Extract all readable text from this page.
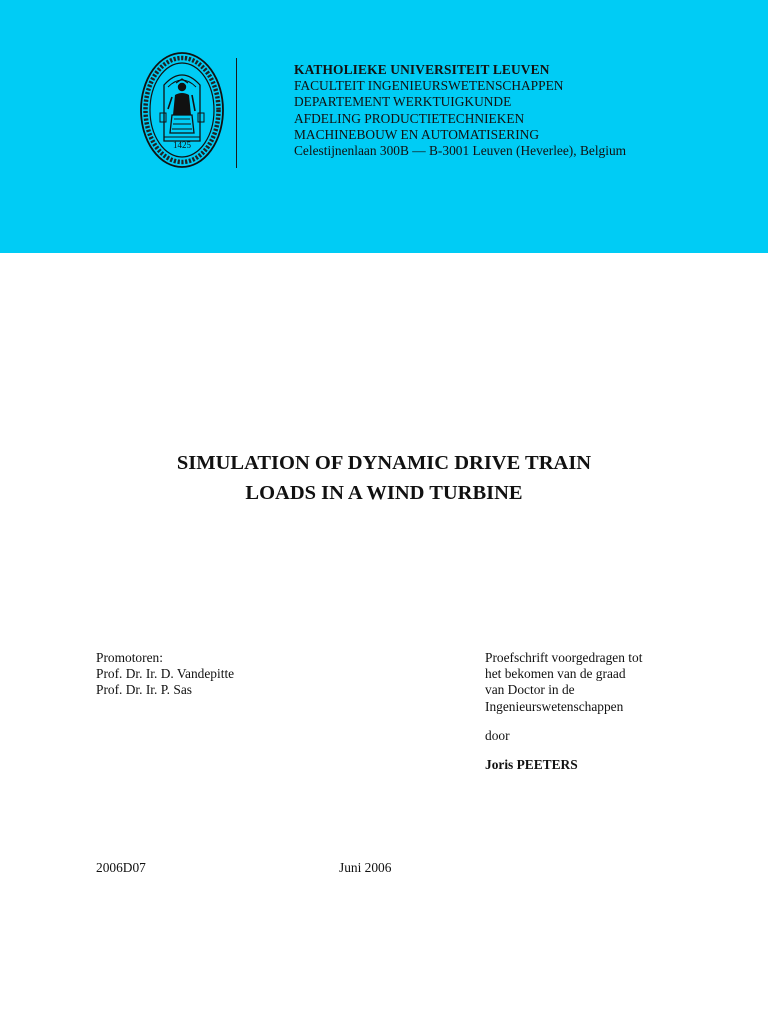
1425
KATHOLIEKE UNIVERSITEIT LEUVEN
FACULTEIT INGENIEURSWETENSCHAPPEN
DEPARTEMENT WERKTUIGKUNDE
AFDELING PRODUCTIETECHNIEKEN
MACHINEBOUW EN AUTOMATISERING
Celestijnenlaan 300B — B-3001 Leuven (Heverlee), Belgium
SIMULATION OF DYNAMIC DRIVE TRAIN
LOADS IN A WIND TURBINE
Promotoren:
Prof. Dr. Ir. D. Vandepitte
Prof. Dr. Ir. P. Sas
Proefschrift voorgedragen tot
het bekomen van de graad
van Doctor in de
Ingenieurswetenschappen
door
Joris PEETERS
2006D07	Juni 2006
